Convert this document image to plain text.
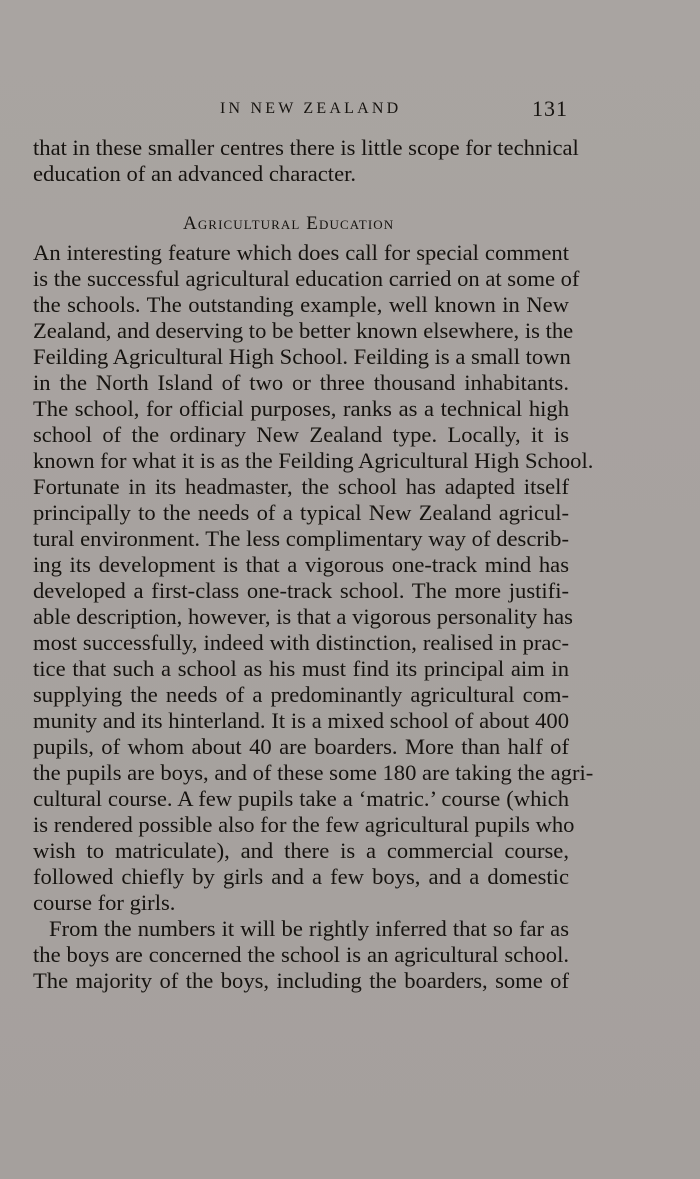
IN NEW ZEALAND	131
that in these smaller centres there is little scope for technical
education of an advanced character.
Agricultural Education
An interesting feature which does call for special comment
is the successful agricultural education carried on at some of
the schools. The outstanding example, well known in New
Zealand, and deserving to be better known elsewhere, is the
Feilding Agricultural High School. Feilding is a small town
in the North Island of two or three thousand inhabitants.
The school, for official purposes, ranks as a technical high
school of the ordinary New Zealand type. Locally, it is
known for what it is as the Feilding Agricultural High School.
Fortunate in its headmaster, the school has adapted itself
principally to the needs of a typical New Zealand agricul-
tural environment. The less complimentary way of describ-
ing its development is that a vigorous one-track mind has
developed a first-class one-track school. The more justifi-
able description, however, is that a vigorous personality has
most successfully, indeed with distinction, realised in prac-
tice that such a school as his must find its principal aim in
supplying the needs of a predominantly agricultural com-
munity and its hinterland. It is a mixed school of about 400
pupils, of whom about 40 are boarders. More than half of
the pupils are boys, and of these some 180 are taking the agri-
cultural course. A few pupils take a ‘matric.’ course (which
is rendered possible also for the few agricultural pupils who
wish to matriculate), and there is a commercial course,
followed chiefly by girls and a few boys, and a domestic
course for girls.
From the numbers it will be rightly inferred that so far as
the boys are concerned the school is an agricultural school.
The majority of the boys, including the boarders, some of
